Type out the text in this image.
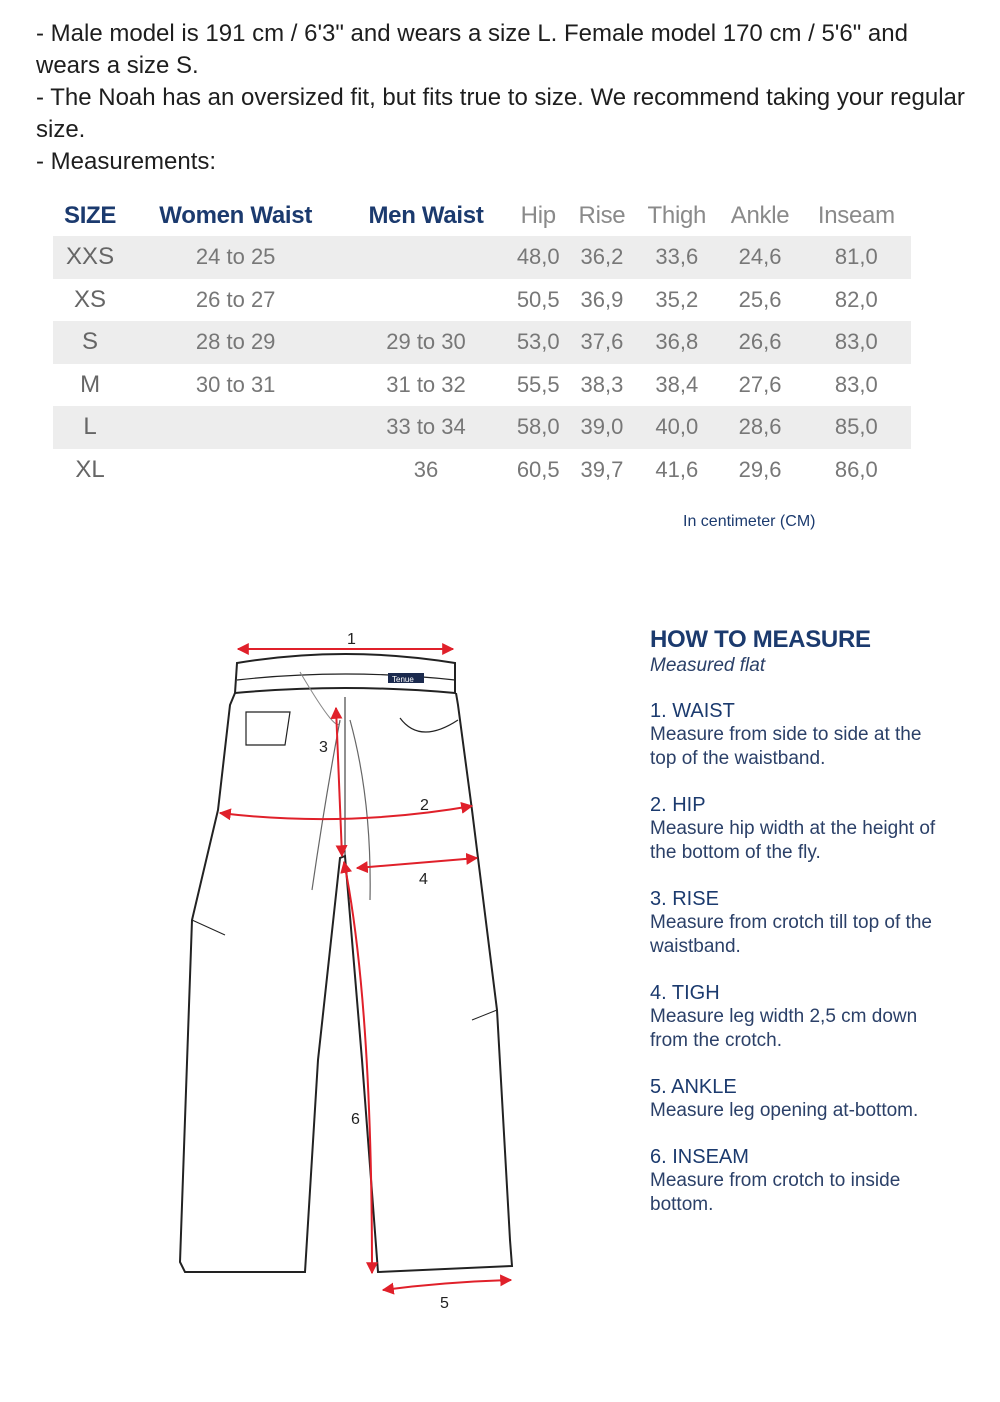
- Male model is 191 cm / 6'3" and wears a size L. Female model 170 cm / 5'6" and wears a size S.

- The Noah has an oversized fit, but fits true to size. We recommend taking your regular size.

- Measurements:

SIZE	Women Waist	Men Waist	Hip	Rise	Thigh	Ankle	Inseam
XXS	24 to 25		48,0	36,2	33,6	24,6	81,0
XS	26 to 27		50,5	36,9	35,2	25,6	82,0
S	28 to 29	29 to 30	53,0	37,6	36,8	26,6	83,0
M	30 to 31	31 to 32	55,5	38,3	38,4	27,6	83,0
L		33 to 34	58,0	39,0	40,0	28,6	85,0
XL		36	60,5	39,7	41,6	29,6	86,0
In centimeter (CM)
Tenue
1
2
3
4
5
6
HOW TO MEASURE
Measured flat
1. WAIST
Measure from side to side at the top of the waistband.
2. HIP
Measure hip width at the height of the bottom of the fly.
3. RISE
Measure from crotch till top of the waistband.
4. TIGH
Measure leg width 2,5 cm down from the crotch.
5. ANKLE
Measure leg opening at-bottom.
6. INSEAM
Measure from crotch to inside bottom.
